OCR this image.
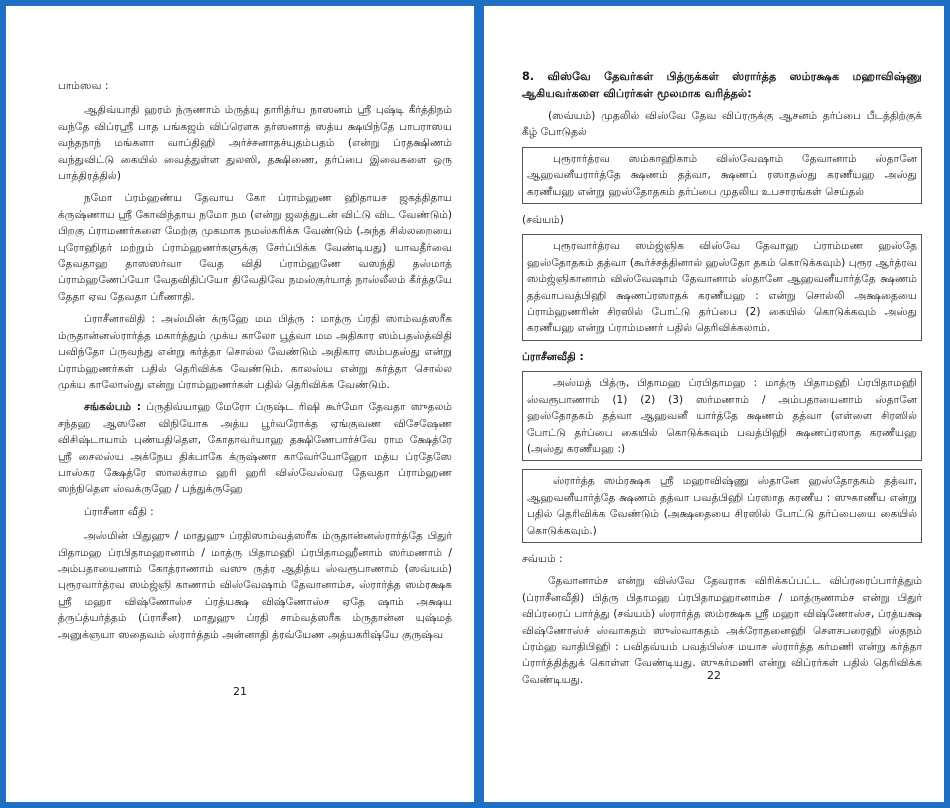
பாம்ஸவ :

ஆதிவ்யாதி ஹரம் ந்ருணாம் ம்ருத்யு தாரித்ர்ய நாஸனம் ஸ்ரீ புஷ்டி கீர்த்திநம் வந்தே விப்ரஸ்ரீ பாத பங்கஜம் விப்ரௌக தர்ஸனாத் ஸத்ய க்ஷயிந்தே பாபராஸய வந்தநாந் மங்களா வாப்திஹி அர்ச்சனாதச்யுதம்பதம் (என்று ப்ரதக்ஷிணம் வந்துவிட்டு கையில் வைத்துள்ள துலஸி, தக்ஷிணை, தர்ப்பை இவைகளை ஒரு பாத்திரத்தில்)

நமோ ப்ரம்ஹண்ய தேவாய கோ ப்ராம்ஹண ஹிதாயச ஜகத்திதாய க்ருஷ்ணாய ஸ்ரீ கோவிந்தாய நமோ நம (என்று ஜலத்துடன் விட்டு விட வேண்டும்) பிறகு ப்ராமணர்களை மேற்கு முகமாக நமஸ்கரிக்க வேண்டும் (அந்த சில்லறையை புரோஹிதர் மற்றும் ப்ராம்ஹணர்களுக்கு சேர்ப்பிக்க வேண்டியது) யாவதீர்வை தேவதாஹ தாஸஸர்வா வேத விதி ப்ராம்ஹணே வஸந்தி தஸ்மாத் ப்ராம்ஹணேப்யோ வேதவிதிப்யோ திவேதிவே நமஸ்குர்யாத் நாஸ்லீலம் கீர்த்தயே தேதா ஏவ தேவதா ப்ரீணாதி.

ப்ராசீனாவிதி : அஸ்மின் க்ருஹே மம பித்ரு : மாத்ரு ப்ரதி ஸாம்வத்ஸரீக ம்ருதான்னஸ்ரார்த்த மகார்த்தும் முக்ய காலோ பூத்வா மம அதிகார ஸம்பதஸ்த்விதி பவிந்தோ ப்ருவந்து என்று கர்த்தா சொல்ல வேண்டும் அதிகார ஸம்பதஸ்து என்று ப்ராம்ஹணர்கள் பதில் தெரிவிக்க வேண்டும். காலஸ்ய என்று கர்த்தா சொல்ல முக்ய காலோஸ்து என்று ப்ராம்ஹணர்கள் பதில் தெரிவிக்க வேண்டும்.

சங்கல்பம் : ப்ருதிவ்யாஹ மேரோ ப்ருஷ்ட ரிஷி கூர்மோ தேவதா ஸுதலம் சந்தஹ ஆஸனே விநியோக அத்ய பூர்வரோக்த ஏங்குவண விசேஷேண விசிஷ்டாயாம் புண்யதிதௌ, கோதாவர்யாஹ தக்ஷிணேபார்ச்வே ராம க்ஷேத்ரே ஸ்ரீ சைலஸ்ய அக்நேய திக்பாகே க்ருஷ்ணா காவேர்யோஹோ மத்ய ப்ரதேஸே பாஸ்கர க்ஷேத்ரே ஸாலக்ராம ஹரி ஹரி விஸ்வேஸ்வர தேவதா ப்ராம்ஹண ஸந்நிதௌ ஸ்வக்ருஹே / பந்துக்ருஹே

ப்ராசீனா வீதி :

அஸ்மின் பிதுஹு / மாதுஹு ப்ரதிஸாம்வத்ஸரீக ம்ருதான்னஸ்ரார்த்தே பிதுர் பிதாமஹ ப்ரபிதாமஹானாம் / மாத்ரு பிதாமஹி ப்ரபிதாமஹீனாம் ஸர்மணாம் / அம்பதாயைனாம் கோத்ராணாம் வஸு ருத்ர ஆதித்ய ஸ்வரூபாணாம் (ஸவ்யம்) புரூரவார்த்ரவ ஸம்ஜ்ஞி காணாம் விஸ்வேஷாம் தேவானாம்ச, ஸ்ரார்த்த ஸம்ரக்ஷக ஸ்ரீ மஹா விஷ்ணோஸ்ச ப்ரத்யக்ஷ விஷ்ணோஸ்ச ஏதே ஷாம் அக்ஷய த்ருப்த்யர்த்தம் (ப்ராசீன) மாதுஹு ப்ரதி சாம்வத்ஸரீக ம்ருதான்ன யுஷ்மத் அனுக்ஞயா ஸதைவம் ஸ்ரார்த்தம் அன்னாதி த்ரவ்யேண அத்யகரிஷ்யே குருஷ்வ

21

8. விஸ்வே தேவர்கள் பித்ருக்கள் ஸ்ரார்த்த ஸம்ரக்ஷக மஹாவிஷ்ணு ஆகியவர்களை விப்ரர்கள் மூலமாக வரித்தல்:

(ஸவ்யம்) முதலில் விஸ்வே தேவ விப்ரருக்கு ஆசனம் தர்ப்பை பீடத்திற்குக் கீழ் போடுதல்

புரூரார்த்ரவ ஸம்காஹிகாம் விஸ்வேஷாம் தேவானாம் ஸ்தானே ஆஹவனீயரார்த்தே க்ஷணம் தத்வா, க்ஷணப் ரஸாதஸ்து கரணீயஹ அஸ்து கரணீயஹ என்று ஹஸ்தோதகம் தர்ப்பை முதலிய உபசாரங்கள் செய்தல்

(சவ்யம்)

புரூரவார்த்ரவ ஸம்ஜ்ஞிக விஸ்வே தேவாஹ ப்ராம்மண ஹஸ்தே ஹஸ்தோதகம் தத்வா (கூர்ச்சத்தினால் ஹஸ்தோ தகம் கொடுக்கவும்) புரூர ஆர்த்ரவ ஸம்ஜ்ஞிகானாம் விஸ்வேஷாம் தேவானாம் ஸ்தானே ஆஹவனீயார்த்தே க்ஷணம் தத்வாபவத்பிஹி க்ஷணப்ரஸாதக் கரணீயஹ : என்று சொல்லி அக்ஷதையை ப்ராம்ஹணரின் சிரஸில் போட்டு தர்ப்பை (2) கையில் கொடுக்கவும் அஸ்து கரணீயஹ என்று ப்ராம்மணர் பதில் தெரிவிக்கலாம்.

ப்ராசீனவீதி :

அஸ்மத் பித்ரு, பிதாமஹ ப்ரபிதாமஹ : மாத்ரு பிதாமஹி ப்ரபிதாமஹி ஸ்வரூபாணாம் (1) (2) (3) ஸர்மணாம் / அம்பதாயைனாம் ஸ்தானே ஹஸ்தோதகம் தத்வா ஆஹவனீ யார்த்தே க்ஷணம் தத்வா (எள்ளை சிரஸில் போட்டு தர்ப்பை கையில் கொடுக்கவும் பவத்பிஹி க்ஷணப்ரஸாத கரணீயஹ (அஸ்து கரணீயஹ :)

ஸ்ரார்த்த ஸம்ரக்ஷக ஸ்ரீ மஹாவிஷ்ணு ஸ்தானே ஹஸ்தோதகம் தத்வா, ஆஹவனீயார்த்தே க்ஷணம் தத்வா பவத்பிஹி ப்ரஸாத கரணீய : ஸுகாணீய என்று பதில் தெரிவிக்க வேண்டும் (அக்ஷதையை சிரஸில் போட்டு தர்ப்பையை கையில் கொடுக்கவும்.)

சவ்யம் :

தேவானாம்ச என்று விஸ்வே தேவராக விரிக்கப்பட்ட விப்ரரைப்பார்த்தும் (ப்ராசீனவீதி) பித்ரு பிதாமஹ ப்ரபிதாமஹானாம்ச / மாத்ருணாம்ச என்று பிதுர் விப்ரரைப் பார்த்து (சவ்யம்) ஸ்ரார்த்த ஸம்ரக்ஷக ஸ்ரீ மஹா விஷ்ணோஸ்ச, ப்ரத்யக்ஷ விஷ்ணோஸ்ச் ஸ்வாகதம் ஸுஸ்வாகதம் அக்ரோதனைஹி சௌசபரைஹி ஸ்தநம் ப்ரம்ஹ வாதிபிஹி : பவிதவ்யம் பவத்பிஸ்ச மயாச ஸ்ரார்த்த கர்மணி என்று கர்த்தா ப்ரார்த்தித்துக் கொள்ள வேண்டியது. ஸுகர்மணி என்று விப்ரர்கள் பதில் தெரிவிக்க வேண்டியது.	22
